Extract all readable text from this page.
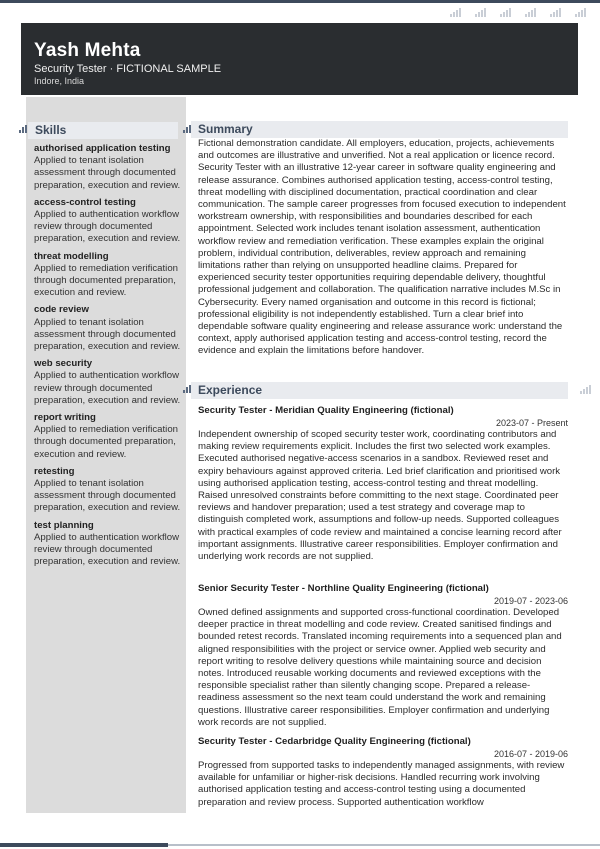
Yash Mehta
Security Tester · FICTIONAL SAMPLE
Indore, India
Skills
authorised application testing
Applied to tenant isolation assessment through documented preparation, execution and review.
access-control testing
Applied to authentication workflow review through documented preparation, execution and review.
threat modelling
Applied to remediation verification through documented preparation, execution and review.
code review
Applied to tenant isolation assessment through documented preparation, execution and review.
web security
Applied to authentication workflow review through documented preparation, execution and review.
report writing
Applied to remediation verification through documented preparation, execution and review.
retesting
Applied to tenant isolation assessment through documented preparation, execution and review.
test planning
Applied to authentication workflow review through documented preparation, execution and review.
Summary
Fictional demonstration candidate. All employers, education, projects, achievements and outcomes are illustrative and unverified. Not a real application or licence record. Security Tester with an illustrative 12-year career in software quality engineering and release assurance. Combines authorised application testing, access-control testing, threat modelling with disciplined documentation, practical coordination and clear communication. The sample career progresses from focused execution to independent workstream ownership, with responsibilities and boundaries described for each appointment. Selected work includes tenant isolation assessment, authentication workflow review and remediation verification. These examples explain the original problem, individual contribution, deliverables, review approach and remaining limitations rather than relying on unsupported headline claims. Prepared for experienced security tester opportunities requiring dependable delivery, thoughtful professional judgement and collaboration. The qualification narrative includes M.Sc in Cybersecurity. Every named organisation and outcome in this record is fictional; professional eligibility is not independently established. Turn a clear brief into dependable software quality engineering and release assurance work: understand the context, apply authorised application testing and access-control testing, record the evidence and explain the limitations before handover.
Experience
Security Tester - Meridian Quality Engineering (fictional)
2023-07 - Present
Independent ownership of scoped security tester work, coordinating contributors and making review requirements explicit. Includes the first two selected work examples. Executed authorised negative-access scenarios in a sandbox. Reviewed reset and expiry behaviours against approved criteria. Led brief clarification and prioritised work using authorised application testing, access-control testing and threat modelling. Raised unresolved constraints before committing to the next stage. Coordinated peer reviews and handover preparation; used a test strategy and coverage map to distinguish completed work, assumptions and follow-up needs. Supported colleagues with practical examples of code review and maintained a concise learning record after important assignments. Illustrative career responsibilities. Employer confirmation and underlying work records are not supplied.
Senior Security Tester - Northline Quality Engineering (fictional)
2019-07 - 2023-06
Owned defined assignments and supported cross-functional coordination. Developed deeper practice in threat modelling and code review. Created sanitised findings and bounded retest records. Translated incoming requirements into a sequenced plan and aligned responsibilities with the project or service owner. Applied web security and report writing to resolve delivery questions while maintaining source and decision notes. Introduced reusable working documents and reviewed exceptions with the responsible specialist rather than silently changing scope. Prepared a release-readiness assessment so the next team could understand the work and remaining questions. Illustrative career responsibilities. Employer confirmation and underlying work records are not supplied.
Security Tester - Cedarbridge Quality Engineering (fictional)
2016-07 - 2019-06
Progressed from supported tasks to independently managed assignments, with review available for unfamiliar or higher-risk decisions. Handled recurring work involving authorised application testing and access-control testing using a documented preparation and review process. Supported authentication workflow
